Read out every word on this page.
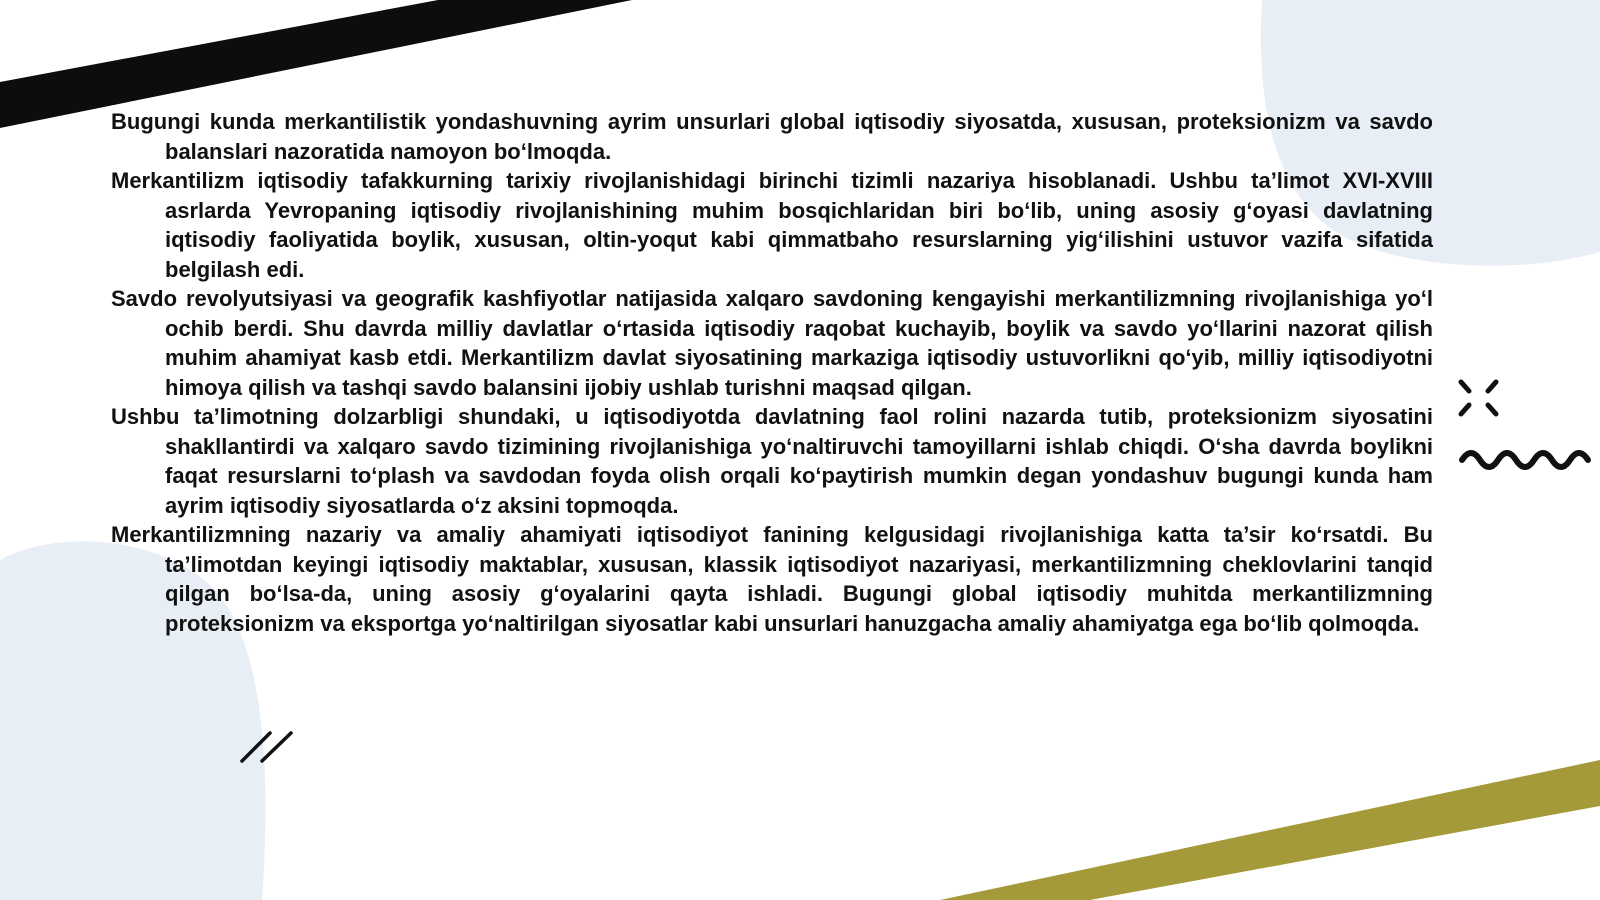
Bugungi kunda merkantilistik yondashuvning ayrim unsurlari global iqtisodiy siyosatda, xususan, proteksionizm va savdo balanslari nazoratida namoyon bo‘lmoqda.

Merkantilizm iqtisodiy tafakkurning tarixiy rivojlanishidagi birinchi tizimli nazariya hisoblanadi. Ushbu ta’limot XVI-XVIII asrlarda Yevropaning iqtisodiy rivojlanishining muhim bosqichlaridan biri bo‘lib, uning asosiy g‘oyasi davlatning iqtisodiy faoliyatida boylik, xususan, oltin-yoqut kabi qimmatbaho resurslarning yig‘ilishini ustuvor vazifa sifatida belgilash edi.

Savdo revolyutsiyasi va geografik kashfiyotlar natijasida xalqaro savdoning kengayishi merkantilizmning rivojlanishiga yo‘l ochib berdi. Shu davrda milliy davlatlar o‘rtasida iqtisodiy raqobat kuchayib, boylik va savdo yo‘llarini nazorat qilish muhim ahamiyat kasb etdi. Merkantilizm davlat siyosatining markaziga iqtisodiy ustuvorlikni qo‘yib, milliy iqtisodiyotni himoya qilish va tashqi savdo balansini ijobiy ushlab turishni maqsad qilgan.

Ushbu ta’limotning dolzarbligi shundaki, u iqtisodiyotda davlatning faol rolini nazarda tutib, proteksionizm siyosatini shakllantirdi va xalqaro savdo tizimining rivojlanishiga yo‘naltiruvchi tamoyillarni ishlab chiqdi. O‘sha davrda boylikni faqat resurslarni to‘plash va savdodan foyda olish orqali ko‘paytirish mumkin degan yondashuv bugungi kunda ham ayrim iqtisodiy siyosatlarda o‘z aksini topmoqda.

Merkantilizmning nazariy va amaliy ahamiyati iqtisodiyot fanining kelgusidagi rivojlanishiga katta ta’sir ko‘rsatdi. Bu ta’limotdan keyingi iqtisodiy maktablar, xususan, klassik iqtisodiyot nazariyasi, merkantilizmning cheklovlarini tanqid qilgan bo‘lsa-da, uning asosiy g‘oyalarini qayta ishladi. Bugungi global iqtisodiy muhitda merkantilizmning proteksionizm va eksportga yo‘naltirilgan siyosatlar kabi unsurlari hanuzgacha amaliy ahamiyatga ega bo‘lib qolmoqda.
